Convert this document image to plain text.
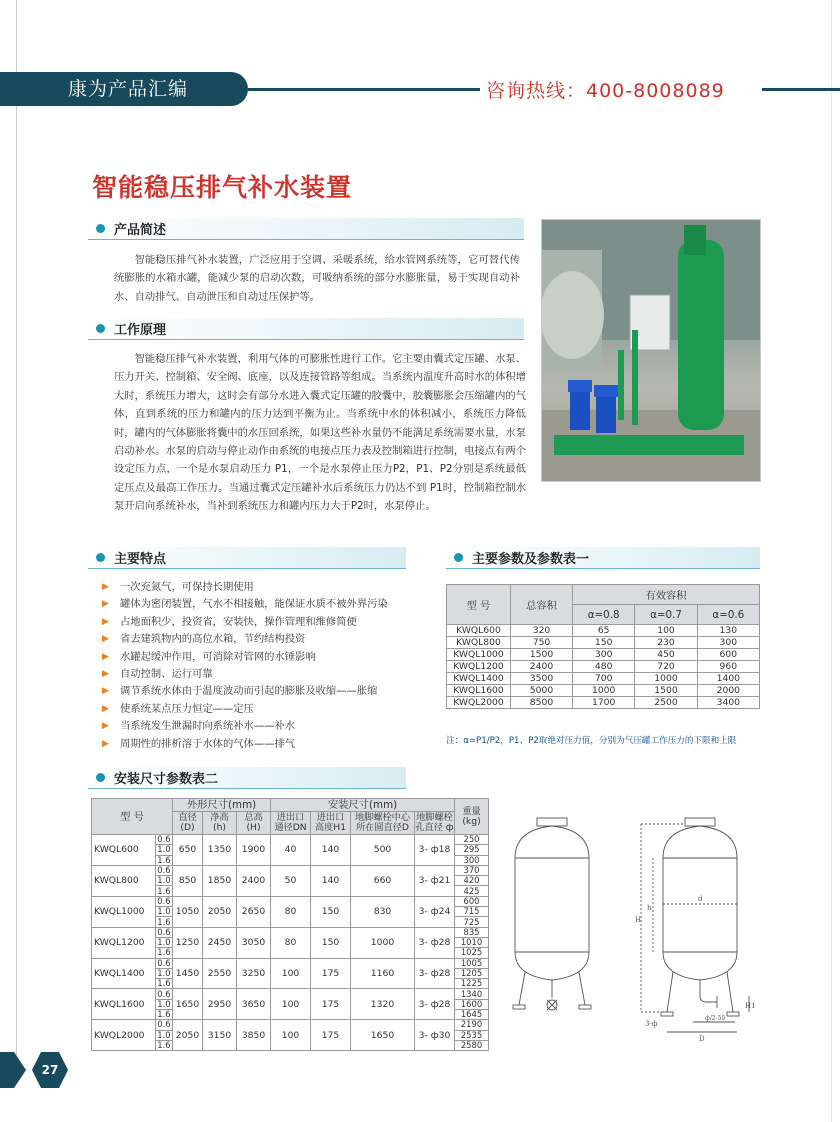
康为产品汇编	咨询热线：400-8008089
智能稳压排气补水装置
产品简述
智能稳压排气补水装置，广泛应用于空调、采暖系统，给水管网系统等，它可替代传统膨胀的水箱水罐，能减少泵的启动次数，可吸纳系统的部分水膨胀量，易于实现自动补水、自动排气、自动泄压和自动过压保护等。
工作原理
智能稳压排气补水装置，利用气体的可膨胀性进行工作。它主要由囊式定压罐、水泵、压力开关、控制箱、安全阀、底座，以及连接管路等组成。当系统内温度升高时水的体积增大时，系统压力增大，这时会有部分水进入囊式定压罐的胶囊中，胶囊膨胀会压缩罐内的气体，直到系统的压力和罐内的压力达到平衡为止。当系统中水的体积减小，系统压力降低时，罐内的气体膨胀将囊中的水压回系统，如果这些补水量仍不能满足系统需要水量，水泵启动补水。水泵的启动与停止动作由系统的电接点压力表及控制箱进行控制，电接点有两个设定压力点，一个是水泵启动压力 P1，一个是水泵停止压力P2，P1、P2分别是系统最低定压点及最高工作压力。当通过囊式定压罐补水后系统压力仍达不到 P1时，控制箱控制水泵开启向系统补水，当补到系统压力和罐内压力大于P2时，水泵停止。
主要特点
▶ 一次充氮气，可保持长期使用
▶ 罐体为密闭装置，气水不相接触，能保证水质不被外界污染
▶ 占地面积少，投资省，安装快，操作管理和维修简便
▶ 省去建筑物内的高位水箱，节约结构投资
▶ 水罐起缓冲作用，可消除对管网的水锤影响
▶ 自动控制、运行可靠
▶ 调节系统水体由于温度波动而引起的膨胀及收缩——胀缩
▶ 使系统某点压力恒定——定压
▶ 当系统发生泄漏时向系统补水——补水
▶ 周期性的排析溶于水体的气体——排气
主要参数及参数表一
型 号	总容积	有效容积		
		α=0.8	α=0.7	α=0.6
KWQL600	320	65	100	130
KWQL800	750	150	230	300
KWQL1000	1500	300	450	600
KWQL1200	2400	480	720	960
KWQL1400	3500	700	1000	1400
KWQL1600	5000	1000	1500	2000
KWQL2000	8500	1700	2500	3400
注：α=P1/P2，P1、P2取绝对压力值，分别为气压罐工作压力的下限和上限
安装尺寸参数表二
型 号		外形尺寸(mm)			安装尺寸(mm)				重量 (kg)
		直径 (D)	净高 (h)	总高 (H)	进出口 通径DN	进出口 高度H1	地脚螺栓中心 所在圆直径D	地脚螺栓 孔直径 ф	
KWQL600	0.6	650	1350	1900	40	140	500	3- ф18	250
	1.0								295
	1.6								300
KWQL800	0.6	850	1850	2400	50	140	660	3- ф21	370
	1.0								420
	1.6								425
KWQL1000	0.6	1050	2050	2650	80	150	830	3- ф24	600
	1.0								715
	1.6								725
KWQL1200	0.6	1250	2450	3050	80	150	1000	3- ф28	835
	1.0								1010
	1.6								1025
KWQL1400	0.6	1450	2550	3250	100	175	1160	3- ф28	1005
	1.0								1205
	1.6								1225
KWQL1600	0.6	1650	2950	3650	100	175	1320	3- ф28	1340
	1.0								1600
	1.6								1645
KWQL2000	0.6	2050	3150	3850	100	175	1650	3- ф30	2190
	1.0								2535
	1.6								2580
H
h
d
D
H1
3-ф
ф/2-50
27
